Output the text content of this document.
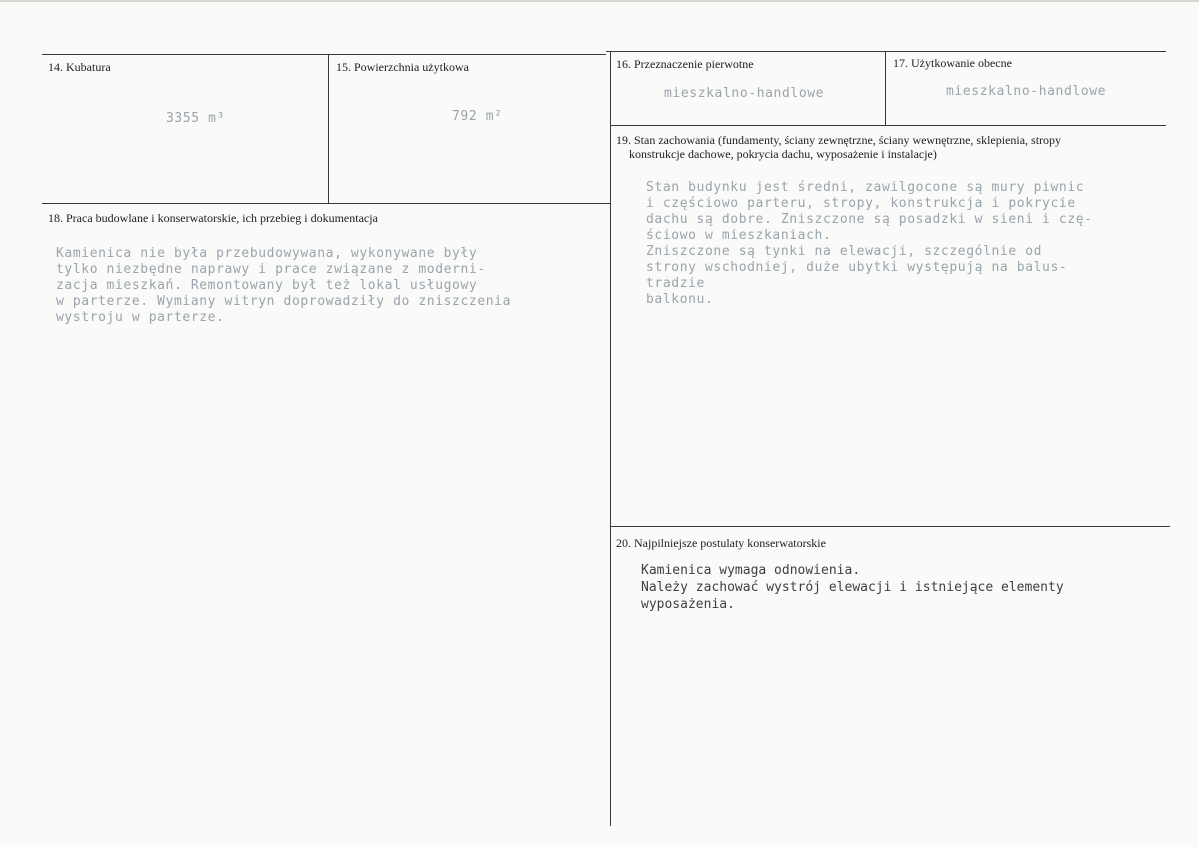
14. Kubatura
3355 m³
15. Powierzchnia użytkowa
792 m²
16. Przeznaczenie pierwotne
mieszkalno-handlowe
17. Użytkowanie obecne
mieszkalno-handlowe
19. Stan zachowania (fundamenty, ściany zewnętrzne, ściany wewnętrzne, sklepienia, stropy
konstrukcje dachowe, pokrycia dachu, wyposażenie i instalacje)
Stan budynku jest średni, zawilgocone są mury piwnic
i częściowo parteru, stropy, konstrukcja i pokrycie
dachu są dobre. Zniszczone są posadzki w sieni i czę-
ściowo w mieszkaniach.
Zniszczone są tynki na elewacji, szczególnie od
strony wschodniej, duże ubytki występują na balus-
tradzie
balkonu.
18. Praca budowlane i konserwatorskie, ich przebieg i dokumentacja
Kamienica nie była przebudowywana, wykonywane były
tylko niezbędne naprawy i prace związane z moderni-
zacja mieszkań. Remontowany był też lokal usługowy
w parterze. Wymiany witryn doprowadziły do zniszczenia
wystroju w parterze.
20. Najpilniejsze postulaty konserwatorskie
Kamienica wymaga odnowienia.
Należy zachować wystrój elewacji i istniejące elementy
wyposażenia.
